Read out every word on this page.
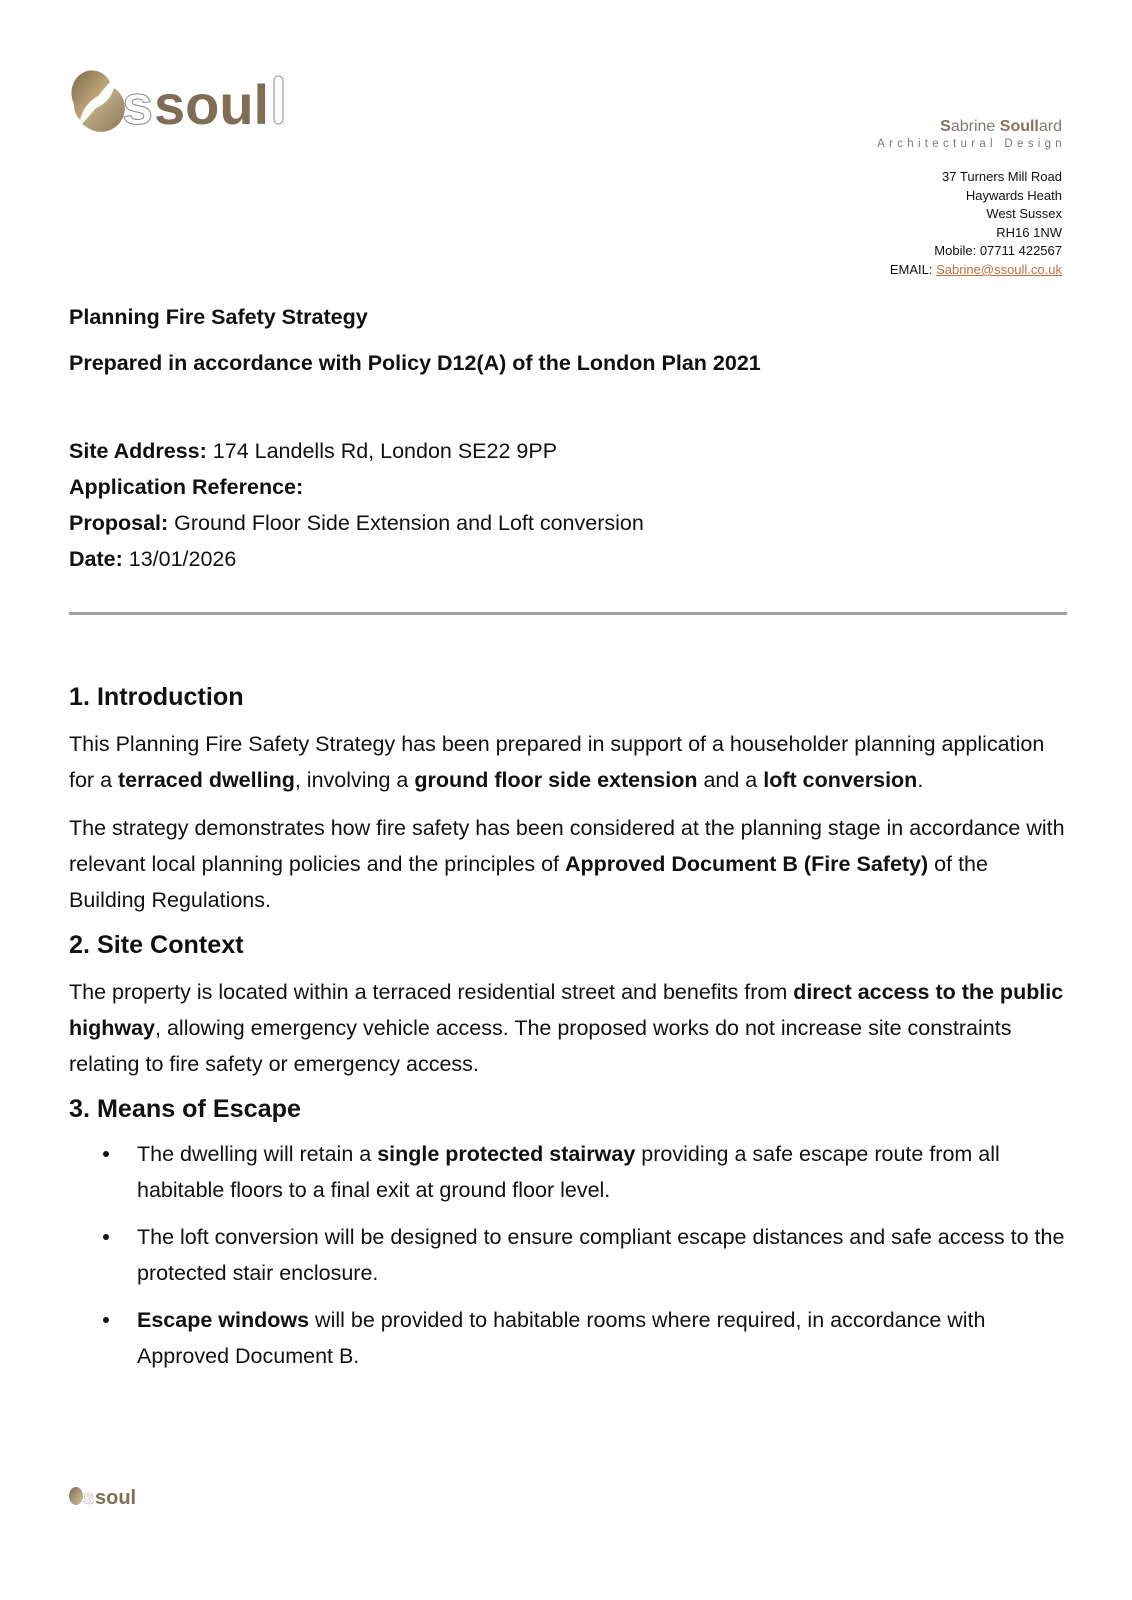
s soul	Sabrine Soullard
Architectural Design
37 Turners Mill Road
Haywards Heath
West Sussex
RH16 1NW
Mobile: 07711 422567
EMAIL: Sabrine@ssoull.co.uk
Planning Fire Safety Strategy
Prepared in accordance with Policy D12(A) of the London Plan 2021
Site Address: 174 Landells Rd, London SE22 9PP
Application Reference:
Proposal: Ground Floor Side Extension and Loft conversion
Date: 13/01/2026
1. Introduction

This Planning Fire Safety Strategy has been prepared in support of a householder planning application for a terraced dwelling, involving a ground floor side extension and a loft conversion.

The strategy demonstrates how fire safety has been considered at the planning stage in accordance with relevant local planning policies and the principles of Approved Document B (Fire Safety) of the Building Regulations.

2. Site Context

The property is located within a terraced residential street and benefits from direct access to the public highway, allowing emergency vehicle access. The proposed works do not increase site constraints relating to fire safety or emergency access.

3. Means of Escape
The dwelling will retain a single protected stairway providing a safe escape route from all habitable floors to a final exit at ground floor level.
The loft conversion will be designed to ensure compliant escape distances and safe access to the protected stair enclosure.
Escape windows will be provided to habitable rooms where required, in accordance with Approved Document B.
s soul
